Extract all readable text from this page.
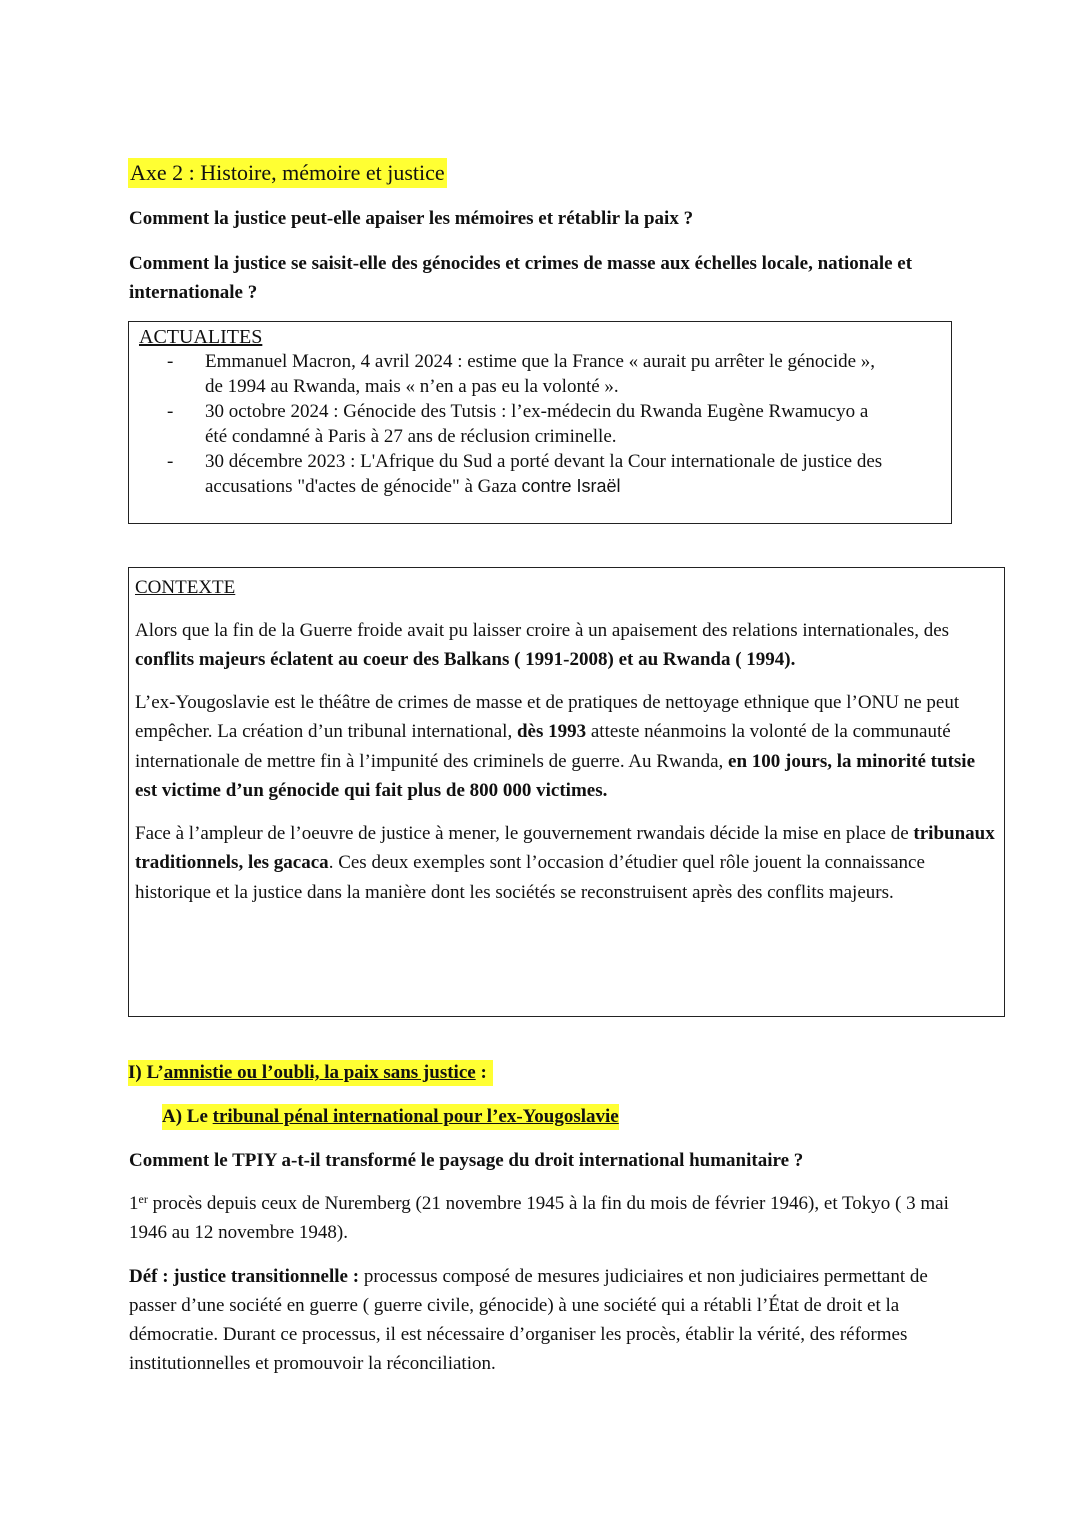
Axe 2 : Histoire, mémoire et justice
Comment la justice peut-elle apaiser les mémoires et rétablir la paix ?
Comment la justice se saisit-elle des génocides et crimes de masse aux échelles locale, nationale et internationale ?
ACTUALITES
- Emmanuel Macron, 4 avril 2024 : estime que la France « aurait pu arrêter le génocide », de 1994 au Rwanda, mais « n’en a pas eu la volonté ».
- 30 octobre 2024 : Génocide des Tutsis : l’ex-médecin du Rwanda Eugène Rwamucyo a été condamné à Paris à 27 ans de réclusion criminelle.
- 30 décembre 2023 : L'Afrique du Sud a porté devant la Cour internationale de justice des accusations "d'actes de génocide" à Gaza contre Israël
CONTEXTE

Alors que la fin de la Guerre froide avait pu laisser croire à un apaisement des relations internationales, des conflits majeurs éclatent au coeur des Balkans ( 1991-2008) et au Rwanda ( 1994).

L’ex-Yougoslavie est le théâtre de crimes de masse et de pratiques de nettoyage ethnique que l’ONU ne peut empêcher. La création d’un tribunal international, dès 1993 atteste néanmoins la volonté de la communauté internationale de mettre fin à l’impunité des criminels de guerre. Au Rwanda, en 100 jours, la minorité tutsie est victime d’un génocide qui fait plus de 800 000 victimes.

Face à l’ampleur de l’oeuvre de justice à mener, le gouvernement rwandais décide la mise en place de tribunaux traditionnels, les gacaca. Ces deux exemples sont l’occasion d’étudier quel rôle jouent la connaissance historique et la justice dans la manière dont les sociétés se reconstruisent après des conflits majeurs.

I) L’amnistie ou l’oubli, la paix sans justice :
A) Le tribunal pénal international pour l’ex-Yougoslavie
Comment le TPIY a-t-il transformé le paysage du droit international humanitaire ?
1er procès depuis ceux de Nuremberg (21 novembre 1945 à la fin du mois de février 1946), et Tokyo ( 3 mai 1946 au 12 novembre 1948).
Déf : justice transitionnelle : processus composé de mesures judiciaires et non judiciaires permettant de passer d’une société en guerre ( guerre civile, génocide) à une société qui a rétabli l’État de droit et la démocratie. Durant ce processus, il est nécessaire d’organiser les procès, établir la vérité, des réformes institutionnelles et promouvoir la réconciliation.
